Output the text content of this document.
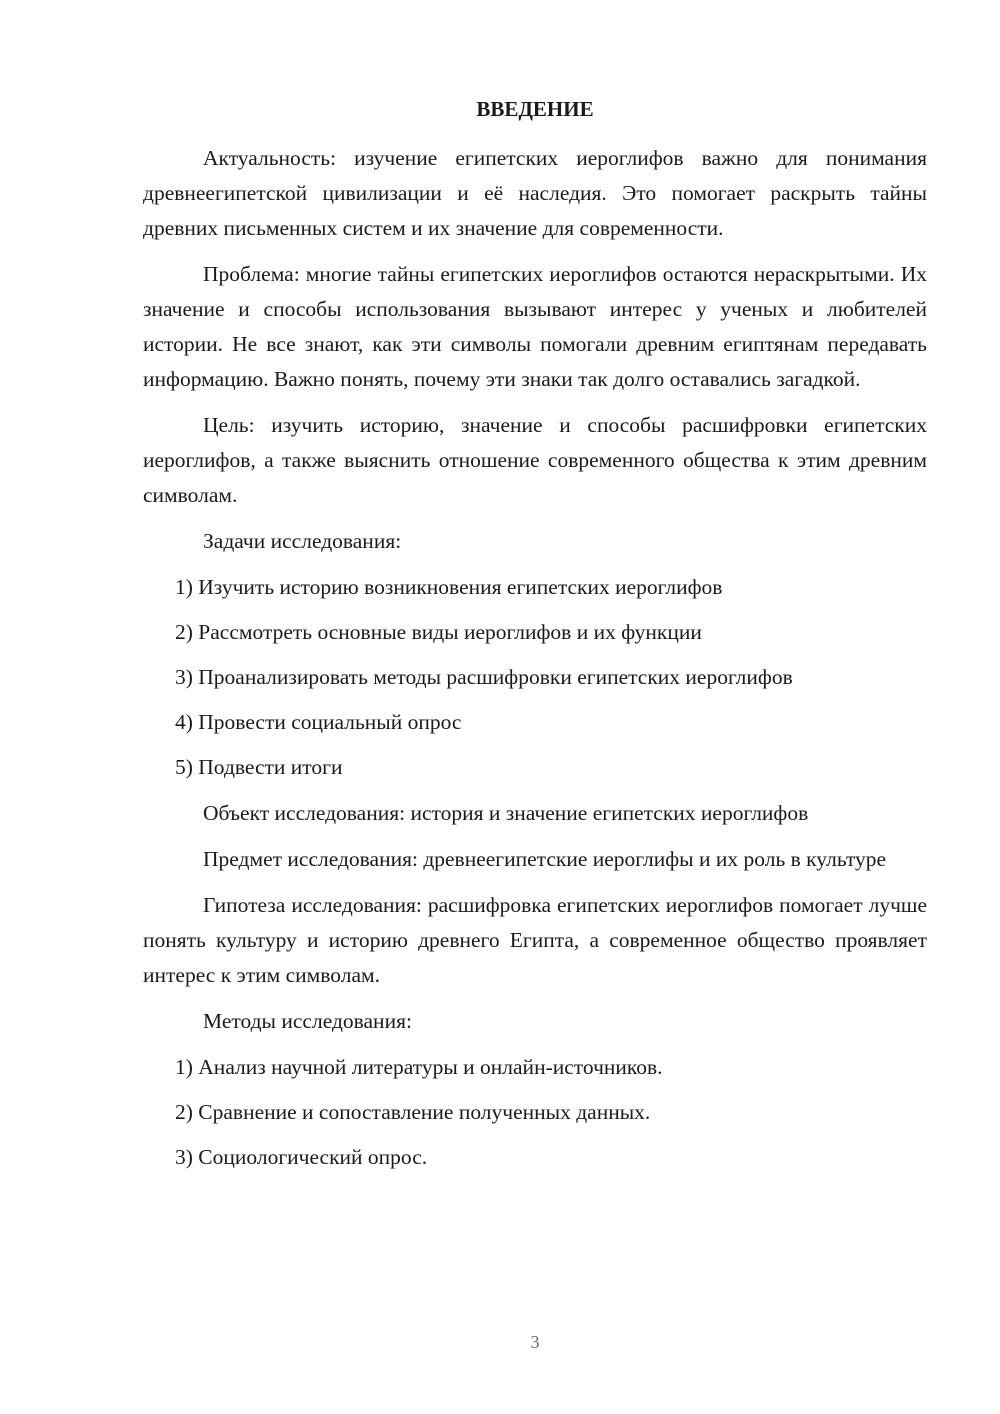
ВВЕДЕНИЕ

Актуальность: изучение египетских иероглифов важно для понимания древнеегипетской цивилизации и её наследия. Это помогает раскрыть тайны древних письменных систем и их значение для современности.

Проблема: многие тайны египетских иероглифов остаются нераскрытыми. Их значение и способы использования вызывают интерес у ученых и любителей истории. Не все знают, как эти символы помогали древним египтянам передавать информацию. Важно понять, почему эти знаки так долго оставались загадкой.

Цель: изучить историю, значение и способы расшифровки египетских иероглифов, а также выяснить отношение современного общества к этим древним символам.

Задачи исследования:

1) Изучить историю возникновения египетских иероглифов
2) Рассмотреть основные виды иероглифов и их функции
3) Проанализировать методы расшифровки египетских иероглифов
4) Провести социальный опрос
5) Подвести итоги

Объект исследования: история и значение египетских иероглифов

Предмет исследования: древнеегипетские иероглифы и их роль в культуре

Гипотеза исследования: расшифровка египетских иероглифов помогает лучше понять культуру и историю древнего Египта, а современное общество проявляет интерес к этим символам.

Методы исследования:

1) Анализ научной литературы и онлайн-источников.
2) Сравнение и сопоставление полученных данных.
3) Социологический опрос.
3
